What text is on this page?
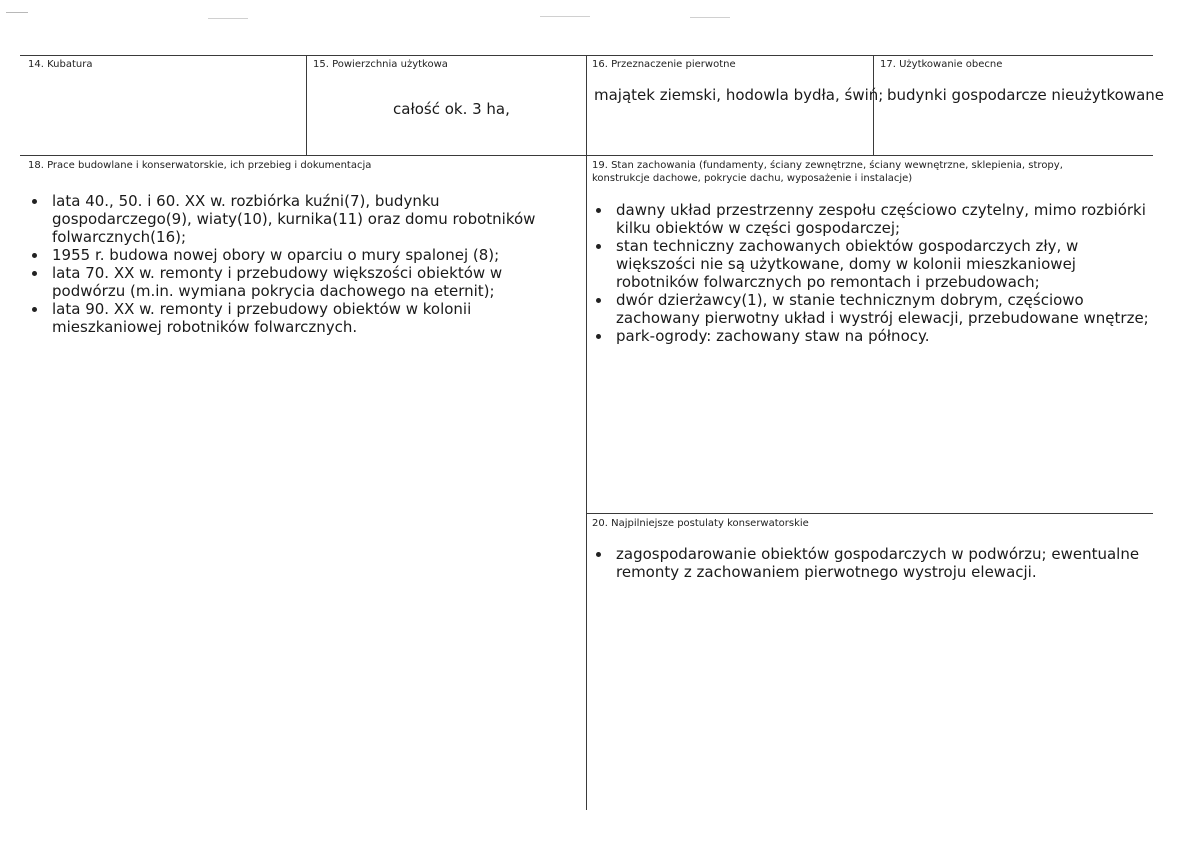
14. Kubatura	15. Powierzchnia użytkowa
całość ok. 3 ha,
16. Przeznaczenie pierwotne
majątek ziemski, hodowla bydła, świń;
17. Użytkowanie obecne
budynki gospodarcze nieużytkowane
18. Prace budowlane i konserwatorskie, ich przebieg i dokumentacja
lata 40., 50. i 60. XX w. rozbiórka kuźni(7), budynku gospodarczego(9), wiaty(10), kurnika(11) oraz domu robotników folwarcznych(16);
1955 r. budowa nowej obory w oparciu o mury spalonej (8);
lata 70. XX w. remonty i przebudowy większości obiektów w podwórzu (m.in. wymiana pokrycia dachowego na eternit);
lata 90. XX w. remonty i przebudowy obiektów w kolonii mieszkaniowej robotników folwarcznych.
19. Stan zachowania (fundamenty, ściany zewnętrzne, ściany wewnętrzne, sklepienia, stropy, konstrukcje dachowe, pokrycie dachu, wyposażenie i instalacje)
dawny układ przestrzenny zespołu częściowo czytelny, mimo rozbiórki kilku obiektów w części gospodarczej;
stan techniczny zachowanych obiektów gospodarczych zły, w większości nie są użytkowane, domy w kolonii mieszkaniowej robotników folwarcznych po remontach i przebudowach;
dwór dzierżawcy(1), w stanie technicznym dobrym, częściowo zachowany pierwotny układ i wystrój elewacji, przebudowane wnętrze;
park-ogrody: zachowany staw na północy.
20. Najpilniejsze postulaty konserwatorskie
zagospodarowanie obiektów gospodarczych w podwórzu; ewentualne remonty z zachowaniem pierwotnego wystroju elewacji.
